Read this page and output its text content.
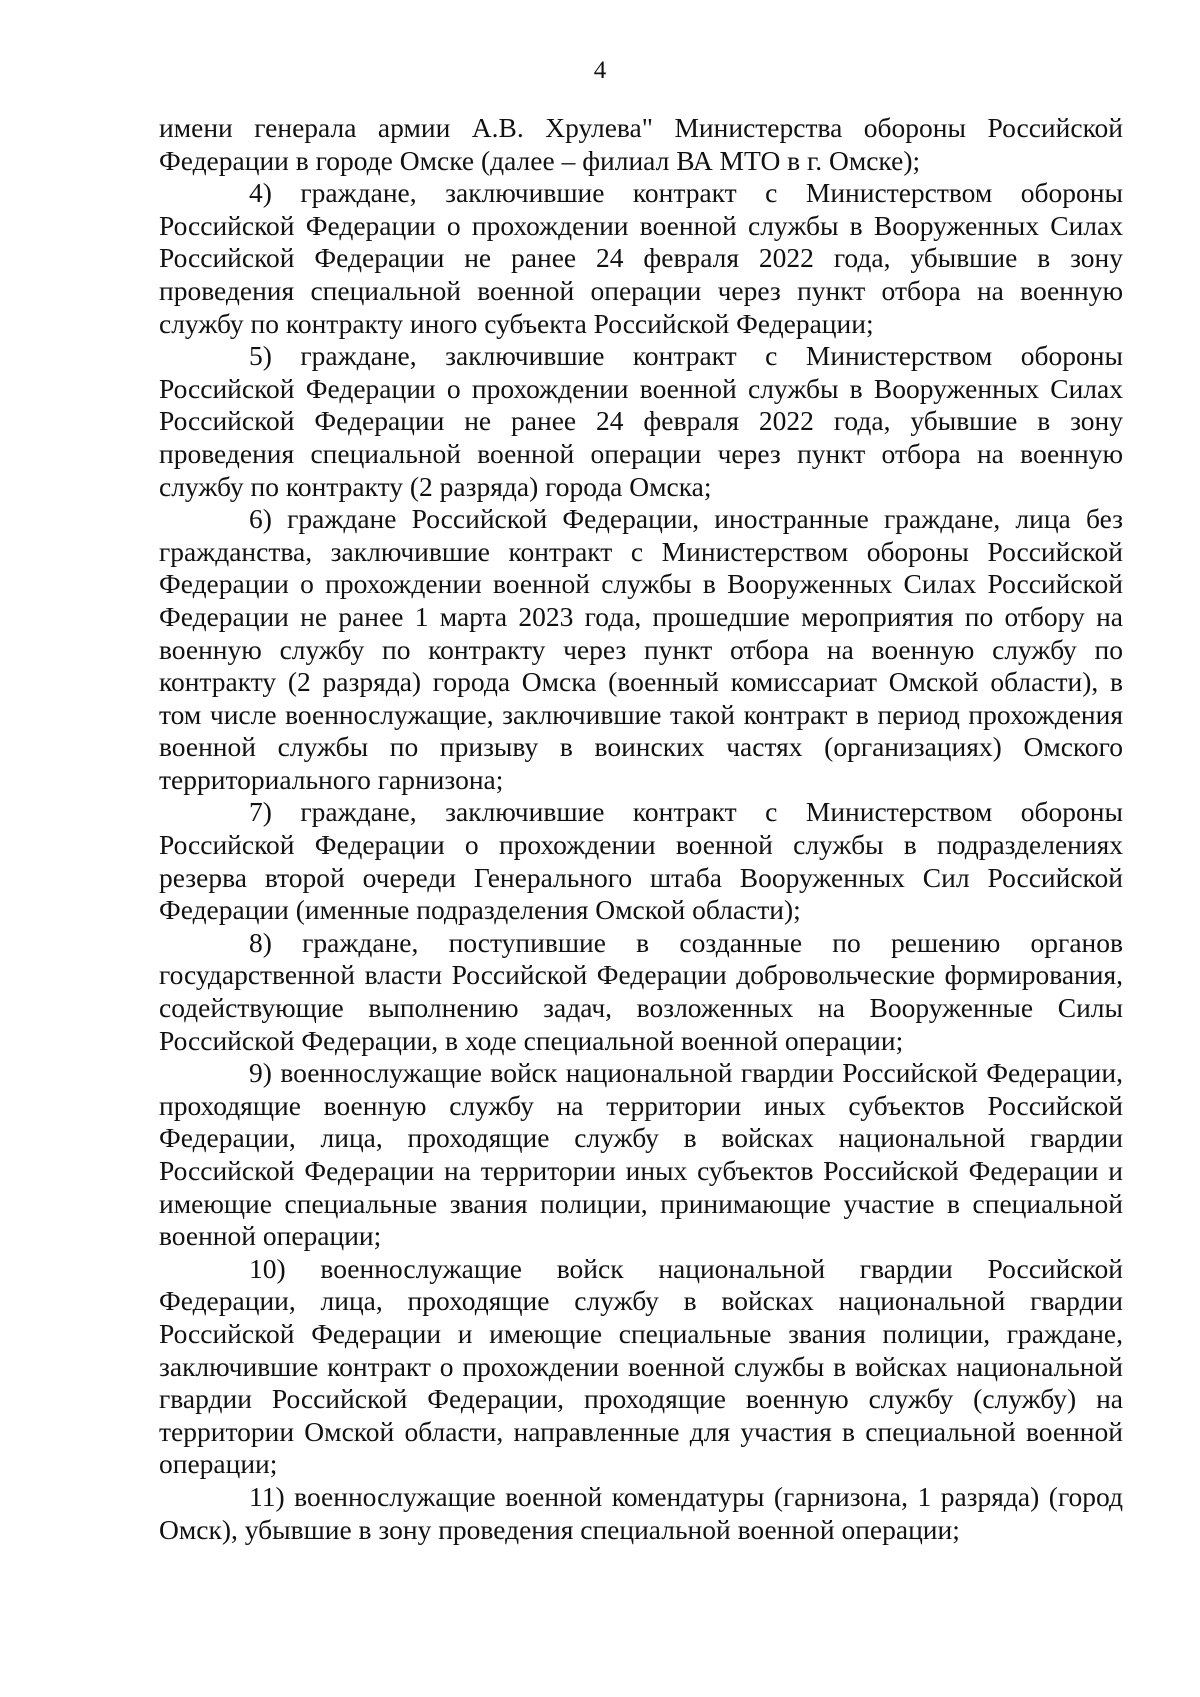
4

имени генерала армии А.В. Хрулева" Министерства обороны Российской Федерации в городе Омске (далее – филиал ВА МТО в г. Омске);

4) граждане, заключившие контракт с Министерством обороны Российской Федерации о прохождении военной службы в Вооруженных Силах Российской Федерации не ранее 24 февраля 2022 года, убывшие в зону проведения специальной военной операции через пункт отбора на военную службу по контракту иного субъекта Российской Федерации;

5) граждане, заключившие контракт с Министерством обороны Российской Федерации о прохождении военной службы в Вооруженных Силах Российской Федерации не ранее 24 февраля 2022 года, убывшие в зону проведения специальной военной операции через пункт отбора на военную службу по контракту (2 разряда) города Омска;

6) граждане Российской Федерации, иностранные граждане, лица без гражданства, заключившие контракт с Министерством обороны Российской Федерации о прохождении военной службы в Вооруженных Силах Российской Федерации не ранее 1 марта 2023 года, прошедшие мероприятия по отбору на военную службу по контракту через пункт отбора на военную службу по контракту (2 разряда) города Омска (военный комиссариат Омской области), в том числе военнослужащие, заключившие такой контракт в период прохождения военной службы по призыву в воинских частях (организациях) Омского территориального гарнизона;

7) граждане, заключившие контракт с Министерством обороны Российской Федерации о прохождении военной службы в подразделениях резерва второй очереди Генерального штаба Вооруженных Сил Российской Федерации (именные подразделения Омской области);

8) граждане, поступившие в созданные по решению органов государственной власти Российской Федерации добровольческие формирования, содействующие выполнению задач, возложенных на Вооруженные Силы Российской Федерации, в ходе специальной военной операции;

9) военнослужащие войск национальной гвардии Российской Федерации, проходящие военную службу на территории иных субъектов Российской Федерации, лица, проходящие службу в войсках национальной гвардии Российской Федерации на территории иных субъектов Российской Федерации и имеющие специальные звания полиции, принимающие участие в специальной военной операции;

10) военнослужащие войск национальной гвардии Российской Федерации, лица, проходящие службу в войсках национальной гвардии Российской Федерации и имеющие специальные звания полиции, граждане, заключившие контракт о прохождении военной службы в войсках национальной гвардии Российской Федерации, проходящие военную службу (службу) на территории Омской области, направленные для участия в специальной военной операции;

11) военнослужащие военной комендатуры (гарнизона, 1 разряда) (город Омск), убывшие в зону проведения специальной военной операции;
